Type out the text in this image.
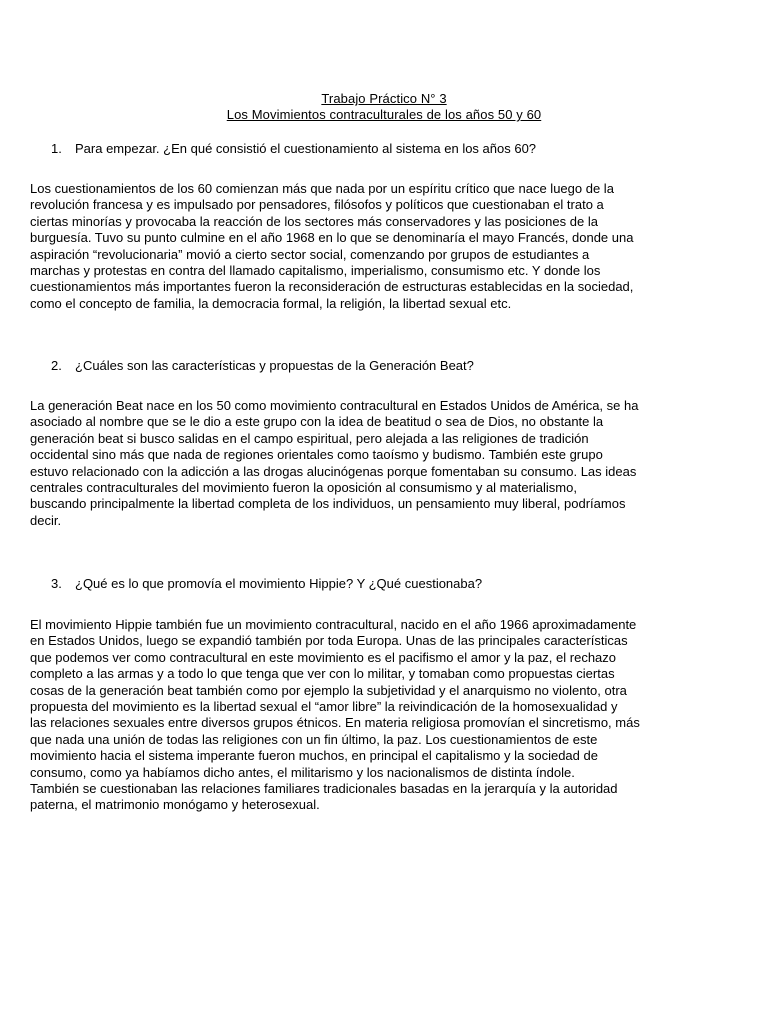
Trabajo Práctico N° 3
Los Movimientos contraculturales de los años 50 y 60
1. Para empezar. ¿En qué consistió el cuestionamiento al sistema en los años 60?
Los cuestionamientos de los 60 comienzan más que nada por un espíritu crítico que nace luego de la
revolución francesa y es impulsado por pensadores, filósofos y políticos que cuestionaban el trato a
ciertas minorías y provocaba la reacción de los sectores más conservadores y las posiciones de la
burguesía. Tuvo su punto culmine en el año 1968 en lo que se denominaría el mayo Francés, donde una
aspiración “revolucionaria” movió a cierto sector social, comenzando por grupos de estudiantes a
marchas y protestas en contra del llamado capitalismo, imperialismo, consumismo etc. Y donde los
cuestionamientos más importantes fueron la reconsideración de estructuras establecidas en la sociedad,
como el concepto de familia, la democracia formal, la religión, la libertad sexual etc.
2. ¿Cuáles son las características y propuestas de la Generación Beat?
La generación Beat nace en los 50 como movimiento contracultural en Estados Unidos de América, se ha
asociado al nombre que se le dio a este grupo con la idea de beatitud o sea de Dios, no obstante la
generación beat si busco salidas en el campo espiritual, pero alejada a las religiones de tradición
occidental sino más que nada de regiones orientales como taoísmo y budismo. También este grupo
estuvo relacionado con la adicción a las drogas alucinógenas porque fomentaban su consumo. Las ideas
centrales contraculturales del movimiento fueron la oposición al consumismo y al materialismo,
buscando principalmente la libertad completa de los individuos, un pensamiento muy liberal, podríamos
decir.
3. ¿Qué es lo que promovía el movimiento Hippie? Y ¿Qué cuestionaba?
El movimiento Hippie también fue un movimiento contracultural, nacido en el año 1966 aproximadamente
en Estados Unidos, luego se expandió también por toda Europa. Unas de las principales características
que podemos ver como contracultural en este movimiento es el pacifismo el amor y la paz, el rechazo
completo a las armas y a todo lo que tenga que ver con lo militar, y tomaban como propuestas ciertas
cosas de la generación beat también como por ejemplo la subjetividad y el anarquismo no violento, otra
propuesta del movimiento es la libertad sexual el “amor libre” la reivindicación de la homosexualidad y
las relaciones sexuales entre diversos grupos étnicos. En materia religiosa promovían el sincretismo, más
que nada una unión de todas las religiones con un fin último, la paz. Los cuestionamientos de este
movimiento hacia el sistema imperante fueron muchos, en principal el capitalismo y la sociedad de
consumo, como ya habíamos dicho antes, el militarismo y los nacionalismos de distinta índole.
También se cuestionaban las relaciones familiares tradicionales basadas en la jerarquía y la autoridad
paterna, el matrimonio monógamo y heterosexual.
